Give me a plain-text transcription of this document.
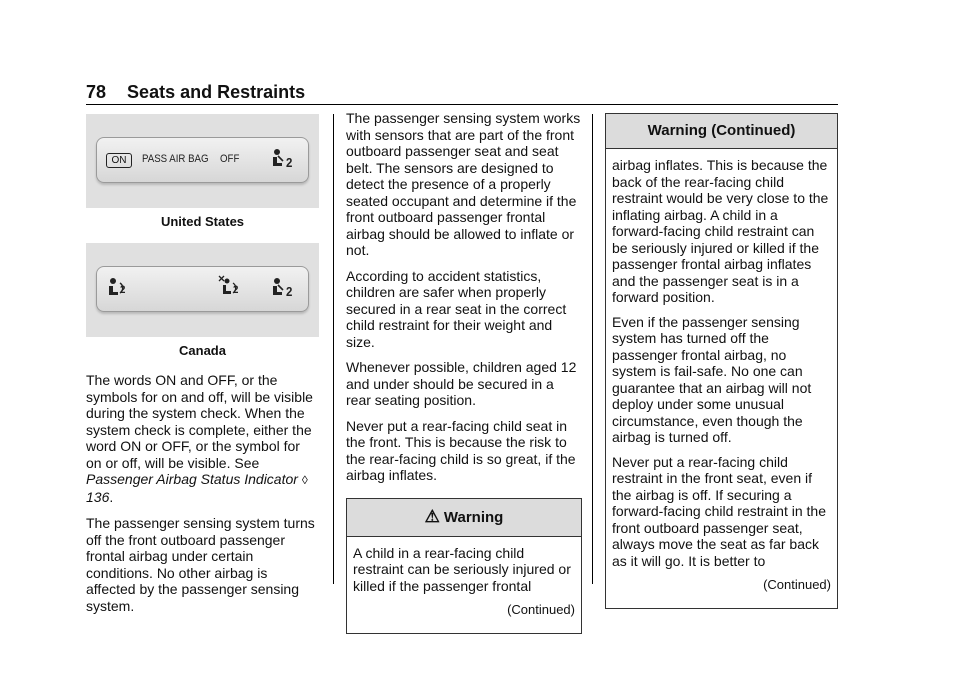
78 Seats and Restraints
ON	PASS AIR BAG OFF	2
United States
2	2	2
Canada

The words ON and OFF, or the symbols for on and off, will be visible during the system check. When the system check is complete, either the word ON or OFF, or the symbol for on or off, will be visible. See Passenger Airbag Status Indicator ◊ 136.

The passenger sensing system turns off the front outboard passenger frontal airbag under certain conditions. No other airbag is affected by the passenger sensing system.

The passenger sensing system works with sensors that are part of the front outboard passenger seat and seat belt. The sensors are designed to detect the presence of a properly seated occupant and determine if the front outboard passenger frontal airbag should be allowed to inflate or not.

According to accident statistics, children are safer when properly secured in a rear seat in the correct child restraint for their weight and size.

Whenever possible, children aged 12 and under should be secured in a rear seating position.

Never put a rear-facing child seat in the front. This is because the risk to the rear-facing child is so great, if the airbag inflates.

⚠ Warning

A child in a rear-facing child restraint can be seriously injured or killed if the passenger frontal

(Continued)

Warning (Continued)

airbag inflates. This is because the back of the rear-facing child restraint would be very close to the inflating airbag. A child in a forward-facing child restraint can be seriously injured or killed if the passenger frontal airbag inflates and the passenger seat is in a forward position.

Even if the passenger sensing system has turned off the passenger frontal airbag, no system is fail-safe. No one can guarantee that an airbag will not deploy under some unusual circumstance, even though the airbag is turned off.

Never put a rear-facing child restraint in the front seat, even if the airbag is off. If securing a forward-facing child restraint in the front outboard passenger seat, always move the seat as far back as it will go. It is better to

(Continued)
